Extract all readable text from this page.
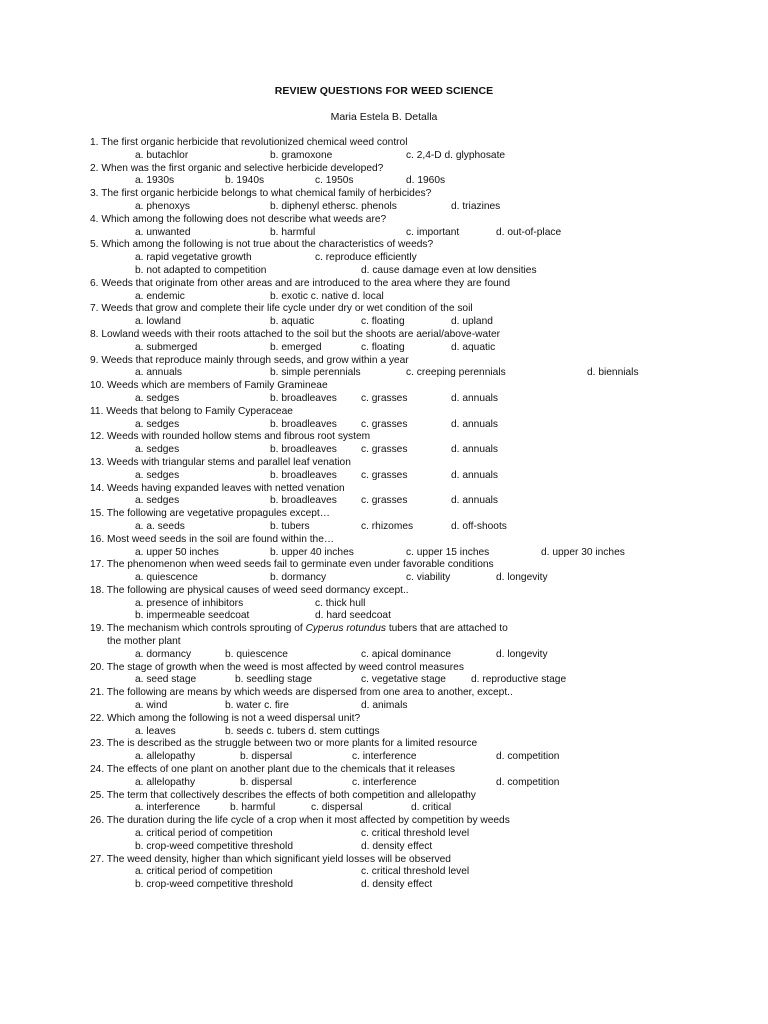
REVIEW QUESTIONS FOR WEED SCIENCE
Maria Estela B. Detalla
1. The first organic herbicide that revolutionized chemical weed control
a. butachlor	b. gramoxone	c. 2,4-D d. glyphosate
2. When was the first organic and selective herbicide developed?
a. 1930s	b. 1940s	c. 1950s	d. 1960s
3. The first organic herbicide belongs to what chemical family of herbicides?
a. phenoxys	b. diphenyl ethersc. phenols	d. triazines
4. Which among the following does not describe what weeds are?
a. unwanted	b. harmful	c. important	d. out-of-place
5. Which among the following is not true about the characteristics of weeds?
a. rapid vegetative growth	c. reproduce efficiently
b. not adapted to competition	d. cause damage even at low densities
6. Weeds that originate from other areas and are introduced to the area where they are found
a. endemic	b. exotic c. native d. local
7. Weeds that grow and complete their life cycle under dry or wet condition of the soil
a. lowland	b. aquatic	c. floating	d. upland
8. Lowland weeds with their roots attached to the soil but the shoots are aerial/above-water
a. submerged	b. emerged	c. floating	d. aquatic
9. Weeds that reproduce mainly through seeds, and grow within a year
a. annuals	b. simple perennials	c. creeping perennials	d. biennials
10. Weeds which are members of Family Gramineae
a. sedges	b. broadleaves c. grasses	d. annuals
11. Weeds that belong to Family Cyperaceae
a. sedges	b. broadleaves c. grasses	d. annuals
12. Weeds with rounded hollow stems and fibrous root system
a. sedges	b. broadleaves c. grasses	d. annuals
13. Weeds with triangular stems and parallel leaf venation
a. sedges	b. broadleaves c. grasses	d. annuals
14. Weeds having expanded leaves with netted venation
a. sedges	b. broadleaves c. grasses	d. annuals
15. The following are vegetative propagules except…
a. a. seeds	b. tubers	c. rhizomes	d. off-shoots
16. Most weed seeds in the soil are found within the…
a. upper 50 inches	b. upper 40 inches	c. upper 15 inches	d. upper 30 inches
17. The phenomenon when weed seeds fail to germinate even under favorable conditions
a. quiescence	b. dormancy	c. viability	d. longevity
18. The following are physical causes of weed seed dormancy except..
a. presence of inhibitors	c. thick hull
b. impermeable seedcoat	d. hard seedcoat
19. The mechanism which controls sprouting of Cyperus rotundus tubers that are attached to
the mother plant
a. dormancy	b. quiescence	c. apical dominance	d. longevity
20. The stage of growth when the weed is most affected by weed control measures
a. seed stage	b. seedling stage	c. vegetative stage d. reproductive stage
21. The following are means by which weeds are dispersed from one area to another, except..
a. wind	b. water c. fire	d. animals
22. Which among the following is not a weed dispersal unit?
a. leaves	b. seeds c. tubers d. stem cuttings
23. The is described as the struggle between two or more plants for a limited resource
a. allelopathy	b. dispersal	c. interference	d. competition
24. The effects of one plant on another plant due to the chemicals that it releases
a. allelopathy	b. dispersal	c. interference	d. competition
25. The term that collectively describes the effects of both competition and allelopathy
a. interference	b. harmful	c. dispersal	d. critical
26. The duration during the life cycle of a crop when it most affected by competition by weeds
a. critical period of competition	c. critical threshold level
b. crop-weed competitive threshold	d. density effect
27. The weed density, higher than which significant yield losses will be observed
a. critical period of competition	c. critical threshold level
b. crop-weed competitive threshold	d. density effect
